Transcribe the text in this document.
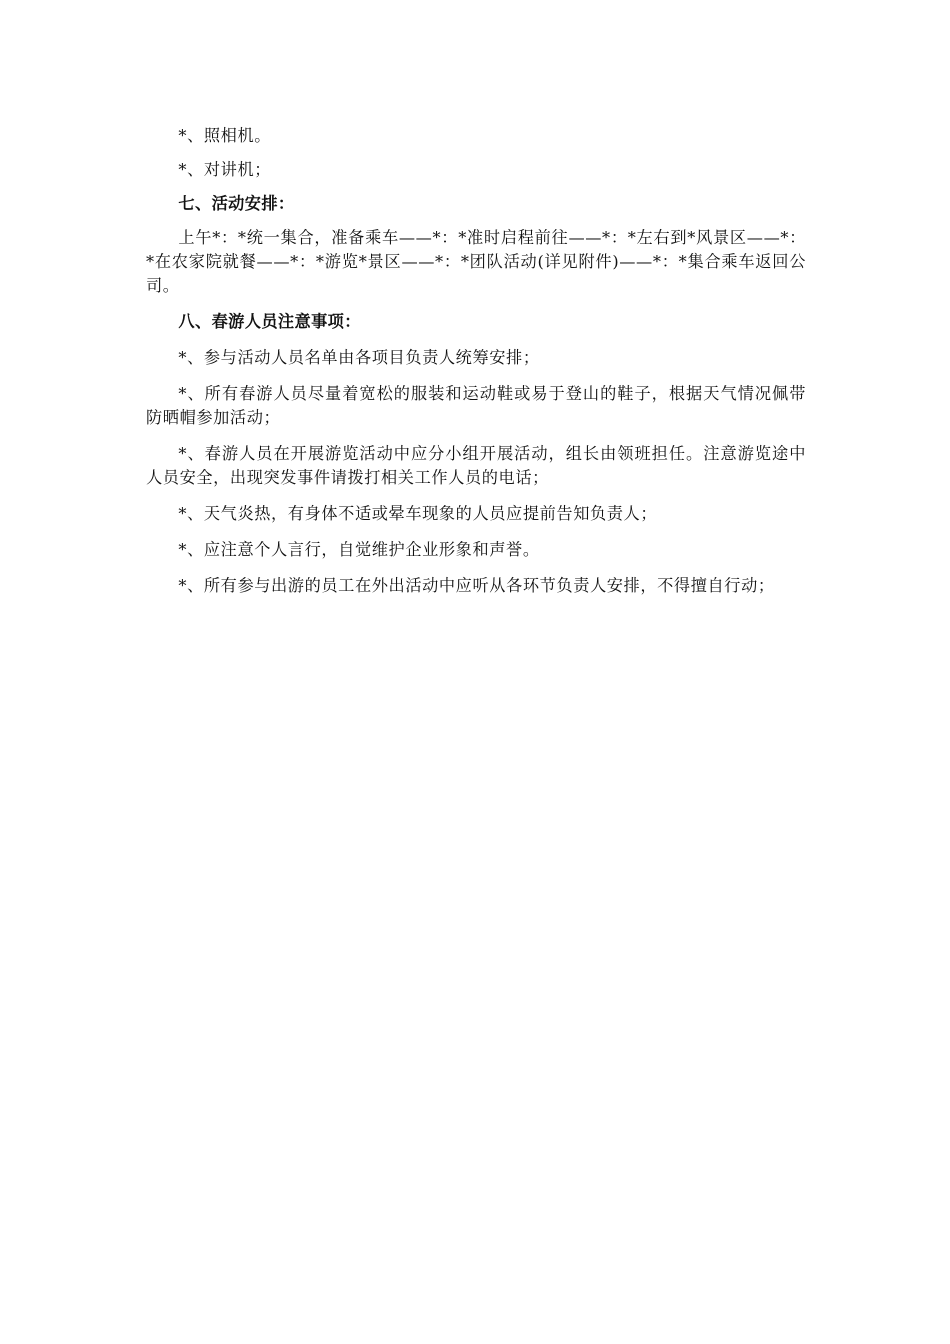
*、照相机。

*、对讲机；

七、活动安排：

上午*：*统一集合，准备乘车——*：*准时启程前往——*：*左右到*风景区——*：*在农家院就餐——*：*游览*景区——*：*团队活动(详见附件)——*：*集合乘车返回公司。

八、春游人员注意事项：

*、参与活动人员名单由各项目负责人统筹安排；

*、所有春游人员尽量着宽松的服装和运动鞋或易于登山的鞋子，根据天气情况佩带防晒帽参加活动；

*、春游人员在开展游览活动中应分小组开展活动，组长由领班担任。注意游览途中人员安全，出现突发事件请拨打相关工作人员的电话；

*、天气炎热，有身体不适或晕车现象的人员应提前告知负责人；

*、应注意个人言行，自觉维护企业形象和声誉。

*、所有参与出游的员工在外出活动中应听从各环节负责人安排，不得擅自行动；
